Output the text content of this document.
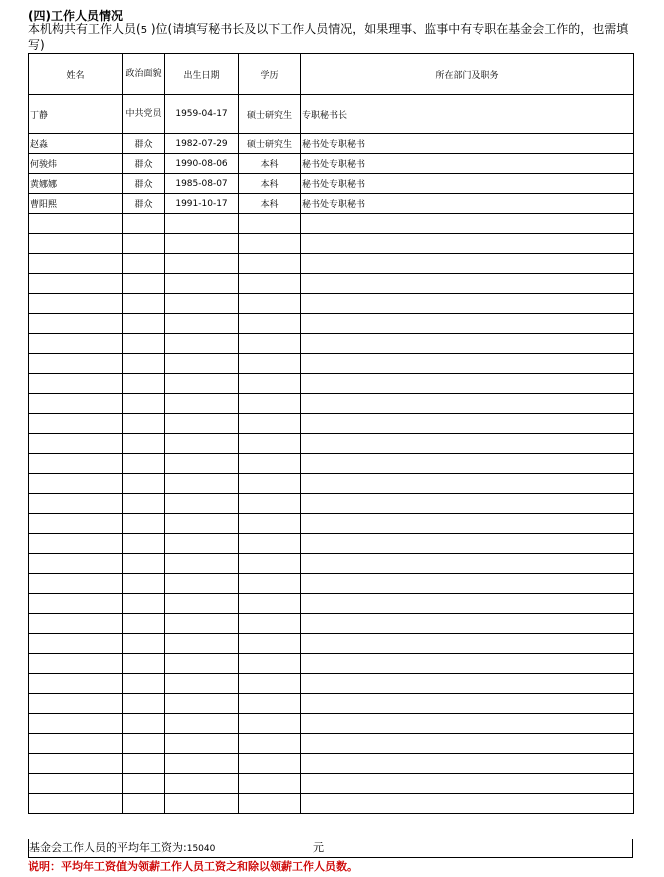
(四)工作人员情况
本机构共有工作人员(5 )位(请填写秘书长及以下工作人员情况，如果理事、监事中有专职在基金会工作的，也需填写)
姓名	政治面貌	出生日期	学历	所在部门及职务
丁静	中共党员	1959-04-17	硕士研究生	专职秘书长
赵淼	群众	1982-07-29	硕士研究生	秘书处专职秘书
何骏炜	群众	1990-08-06	本科	秘书处专职秘书
黄娜娜	群众	1985-08-07	本科	秘书处专职秘书
曹阳熙	群众	1991-10-17	本科	秘书处专职秘书

基金会工作人员的平均年工资为:15040	元
说明：平均年工资值为领薪工作人员工资之和除以领薪工作人员数。
